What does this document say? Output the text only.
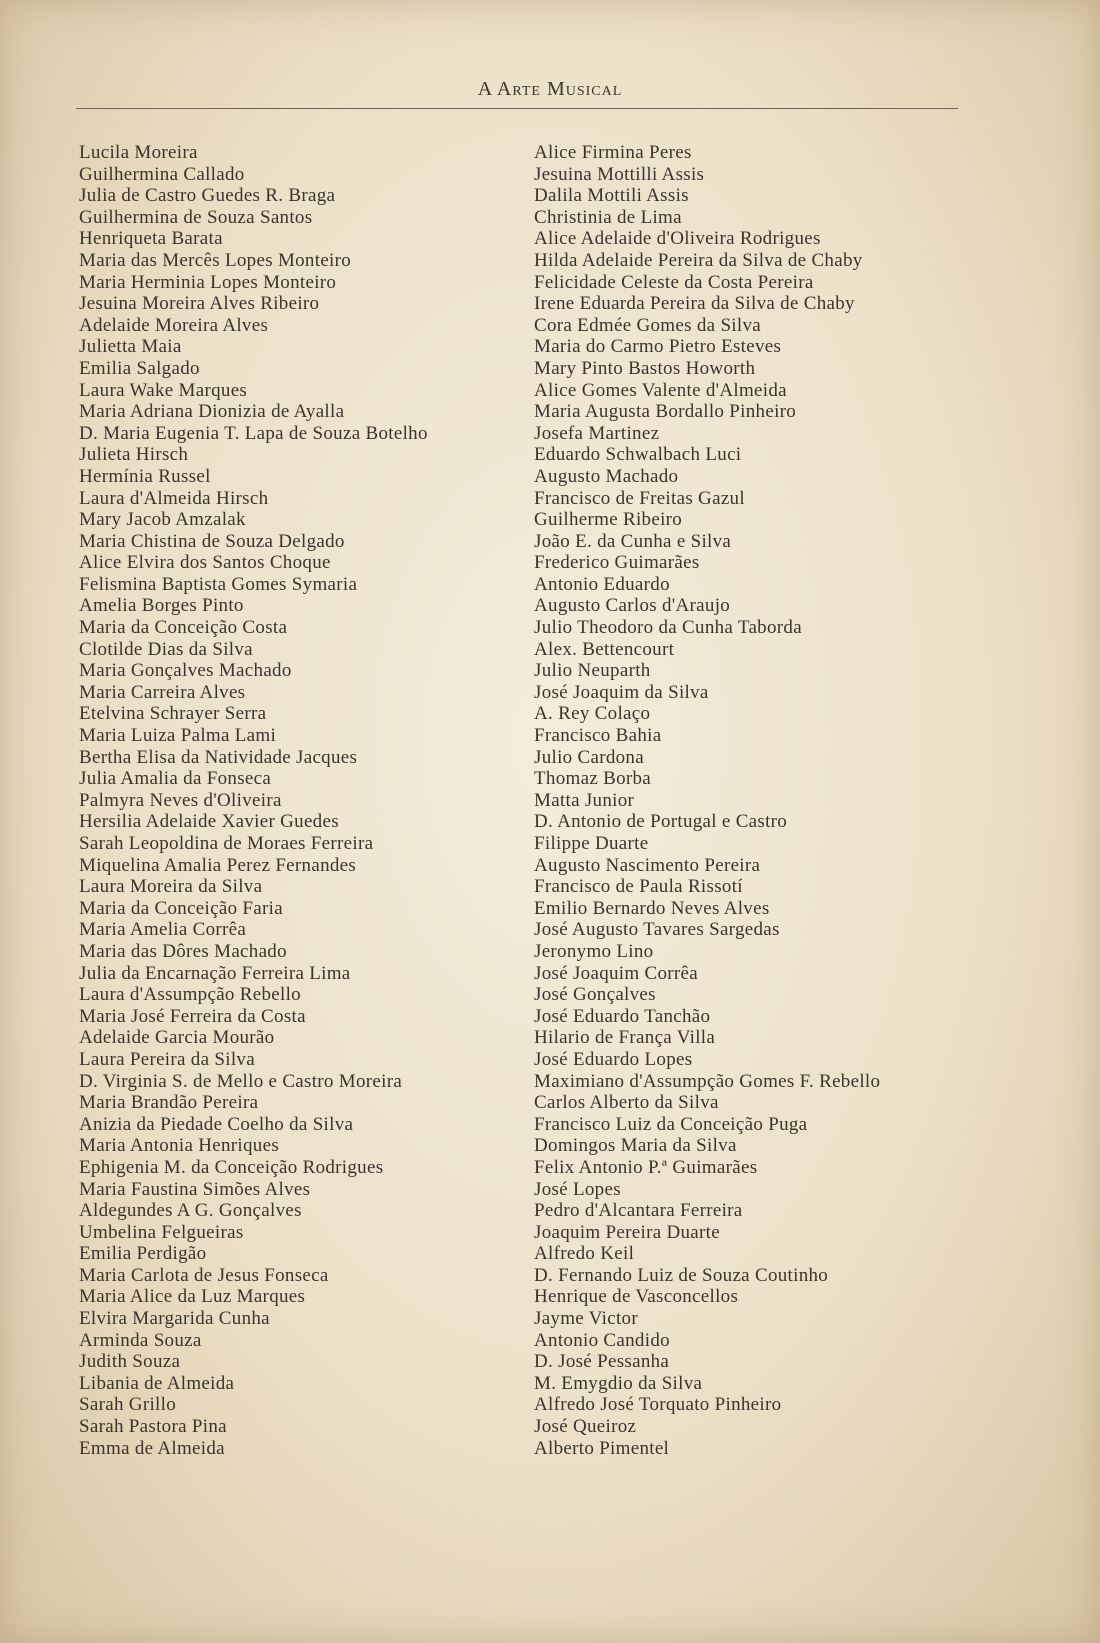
A Arte Musical
Lucila Moreira
Guilhermina Callado
Julia de Castro Guedes R. Braga
Guilhermina de Souza Santos
Henriqueta Barata
Maria das Mercês Lopes Monteiro
Maria Herminia Lopes Monteiro
Jesuina Moreira Alves Ribeiro
Adelaide Moreira Alves
Julietta Maia
Emilia Salgado
Laura Wake Marques
Maria Adriana Dionizia de Ayalla
D. Maria Eugenia T. Lapa de Souza Botelho
Julieta Hirsch
Hermínia Russel
Laura d'Almeida Hirsch
Mary Jacob Amzalak
Maria Chistina de Souza Delgado
Alice Elvira dos Santos Choque
Felismina Baptista Gomes Symaria
Amelia Borges Pinto
Maria da Conceição Costa
Clotilde Dias da Silva
Maria Gonçalves Machado
Maria Carreira Alves
Etelvina Schrayer Serra
Maria Luiza Palma Lami
Bertha Elisa da Natividade Jacques
Julia Amalia da Fonseca
Palmyra Neves d'Oliveira
Hersilia Adelaide Xavier Guedes
Sarah Leopoldina de Moraes Ferreira
Miquelina Amalia Perez Fernandes
Laura Moreira da Silva
Maria da Conceição Faria
Maria Amelia Corrêa
Maria das Dôres Machado
Julia da Encarnação Ferreira Lima
Laura d'Assumpção Rebello
Maria José Ferreira da Costa
Adelaide Garcia Mourão
Laura Pereira da Silva
D. Virginia S. de Mello e Castro Moreira
Maria Brandão Pereira
Anizia da Piedade Coelho da Silva
Maria Antonia Henriques
Ephigenia M. da Conceição Rodrigues
Maria Faustina Simões Alves
Aldegundes A G. Gonçalves
Umbelina Felgueiras
Emilia Perdigão
Maria Carlota de Jesus Fonseca
Maria Alice da Luz Marques
Elvira Margarida Cunha
Arminda Souza
Judith Souza
Libania de Almeida
Sarah Grillo
Sarah Pastora Pina
Emma de Almeida
Alice Firmina Peres
Jesuina Mottilli Assis
Dalila Mottili Assis
Christinia de Lima
Alice Adelaide d'Oliveira Rodrigues
Hilda Adelaide Pereira da Silva de Chaby
Felicidade Celeste da Costa Pereira
Irene Eduarda Pereira da Silva de Chaby
Cora Edmée Gomes da Silva
Maria do Carmo Pietro Esteves
Mary Pinto Bastos Howorth
Alice Gomes Valente d'Almeida
Maria Augusta Bordallo Pinheiro
Josefa Martinez
Eduardo Schwalbach Luci
Augusto Machado
Francisco de Freitas Gazul
Guilherme Ribeiro
João E. da Cunha e Silva
Frederico Guimarães
Antonio Eduardo
Augusto Carlos d'Araujo
Julio Theodoro da Cunha Taborda
Alex. Bettencourt
Julio Neuparth
José Joaquim da Silva
A. Rey Colaço
Francisco Bahia
Julio Cardona
Thomaz Borba
Matta Junior
D. Antonio de Portugal e Castro
Filippe Duarte
Augusto Nascimento Pereira
Francisco de Paula Rissotí
Emilio Bernardo Neves Alves
José Augusto Tavares Sargedas
Jeronymo Lino
José Joaquim Corrêa
José Gonçalves
José Eduardo Tanchão
Hilario de França Villa
José Eduardo Lopes
Maximiano d'Assumpção Gomes F. Rebello
Carlos Alberto da Silva
Francisco Luiz da Conceição Puga
Domingos Maria da Silva
Felix Antonio P.ª Guimarães
José Lopes
Pedro d'Alcantara Ferreira
Joaquim Pereira Duarte
Alfredo Keil
D. Fernando Luiz de Souza Coutinho
Henrique de Vasconcellos
Jayme Victor
Antonio Candido
D. José Pessanha
M. Emygdio da Silva
Alfredo José Torquato Pinheiro
José Queiroz
Alberto Pimentel
